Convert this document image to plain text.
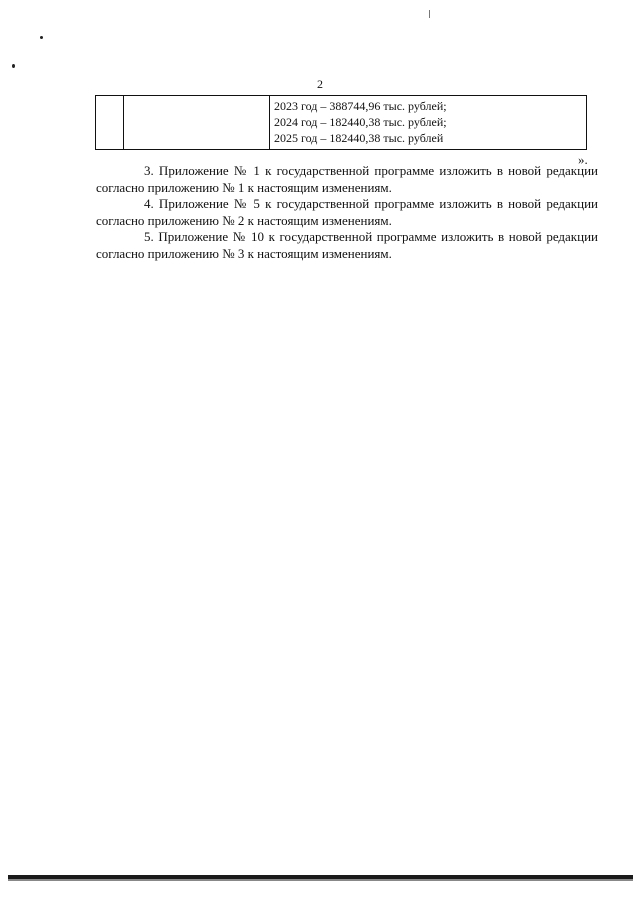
2

2023 год – 388744,96 тыс. рублей;
2024 год – 182440,38 тыс. рублей;
2025 год – 182440,38 тыс. рублей
».

3. Приложение № 1 к государственной программе изложить в новой редакции согласно приложению № 1 к настоящим изменениям.

4. Приложение № 5 к государственной программе изложить в новой редакции согласно приложению № 2 к настоящим изменениям.

5. Приложение № 10 к государственной программе изложить в новой редакции согласно приложению № 3 к настоящим изменениям.
